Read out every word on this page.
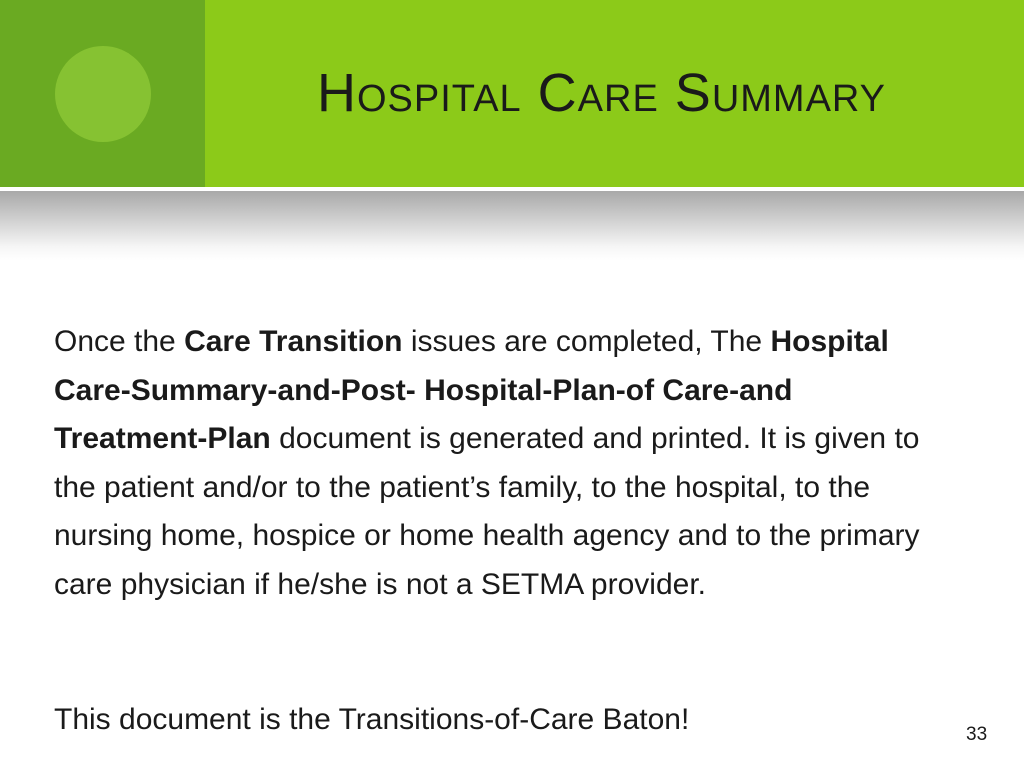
Hospital Care Summary

Once the Care Transition issues are completed, The Hospital Care-Summary-and-Post- Hospital-Plan-of Care-and Treatment-Plan document is generated and printed. It is given to the patient and/or to the patient’s family, to the hospital, to the nursing home, hospice or home health agency and to the primary care physician if he/she is not a SETMA provider.

This document is the Transitions-of-Care Baton!	33
